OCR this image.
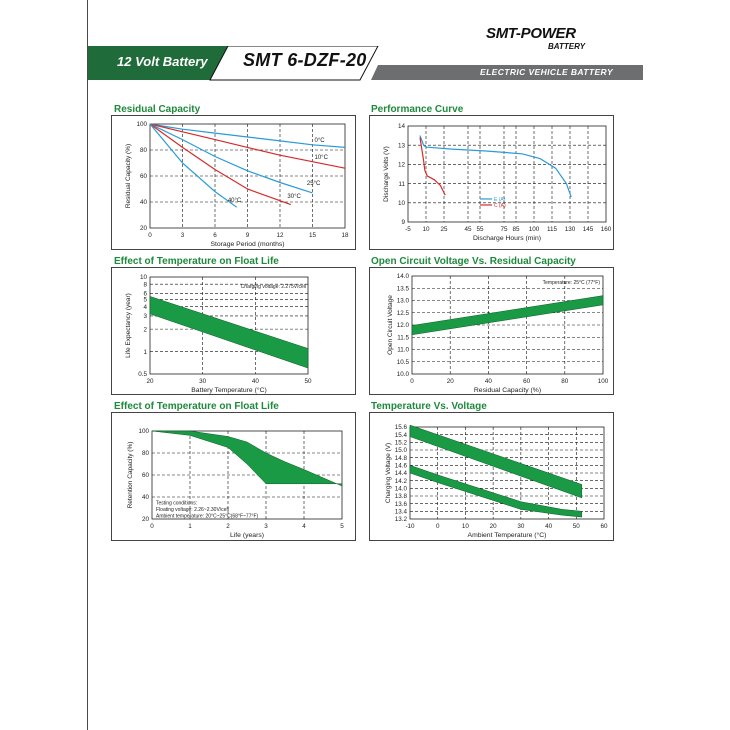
SMT-POWER
BATTERY
12 Volt Battery SMT 6-DZF-20
ELECTRIC VEHICLE BATTERY
Residual Capacity	Performance Curve
Effect of Temperature on Float Life	Open Circuit Voltage Vs. Residual Capacity
Effect of Temperature on Float Life	Temperature Vs. Voltage
0	3	6	9	12	15	18
100
80
60
40
20
Storage Period (months)
Residual Capacity (%)
0°C
10°C
25°C
30°C
40°C
-5 10 25	45 55	75 85 100 115 130 145 160
14
13
12
11
10
9
Discharge Hours (min)
Discharge Volts (V)	E (A)
C (A)
20	30	40	50
10
8
6
5
4
3
2
1
0.5
Battery Temperature (°C)
Life Expectancy (year)
Charging voltage: 2.275V/cell
0	20	40	60	80	100
14.0
13.5
13.0
12.5
12.0
11.5
11.0
10.5
10.0
Residual Capacity (%)
Open Circuit Voltage
Temperature: 25°C (77°F)
0	1	2	3	4	5
100
80
60
40
20
Life (years)
Retention Capacity (%)	Testing conditions:
Floating voltage: 2.26~2.30V/cell
Ambient temperature: 20°C~25°C(68°F~77°F)
-10	0	10	20	30	40	50	60
15.6
15.4
15.2
15.0
14.8
14.6
14.4
14.2
14.0
13.8
13.6
13.4
13.2
Ambient Temperature (°C)
Charging Voltage (V)
